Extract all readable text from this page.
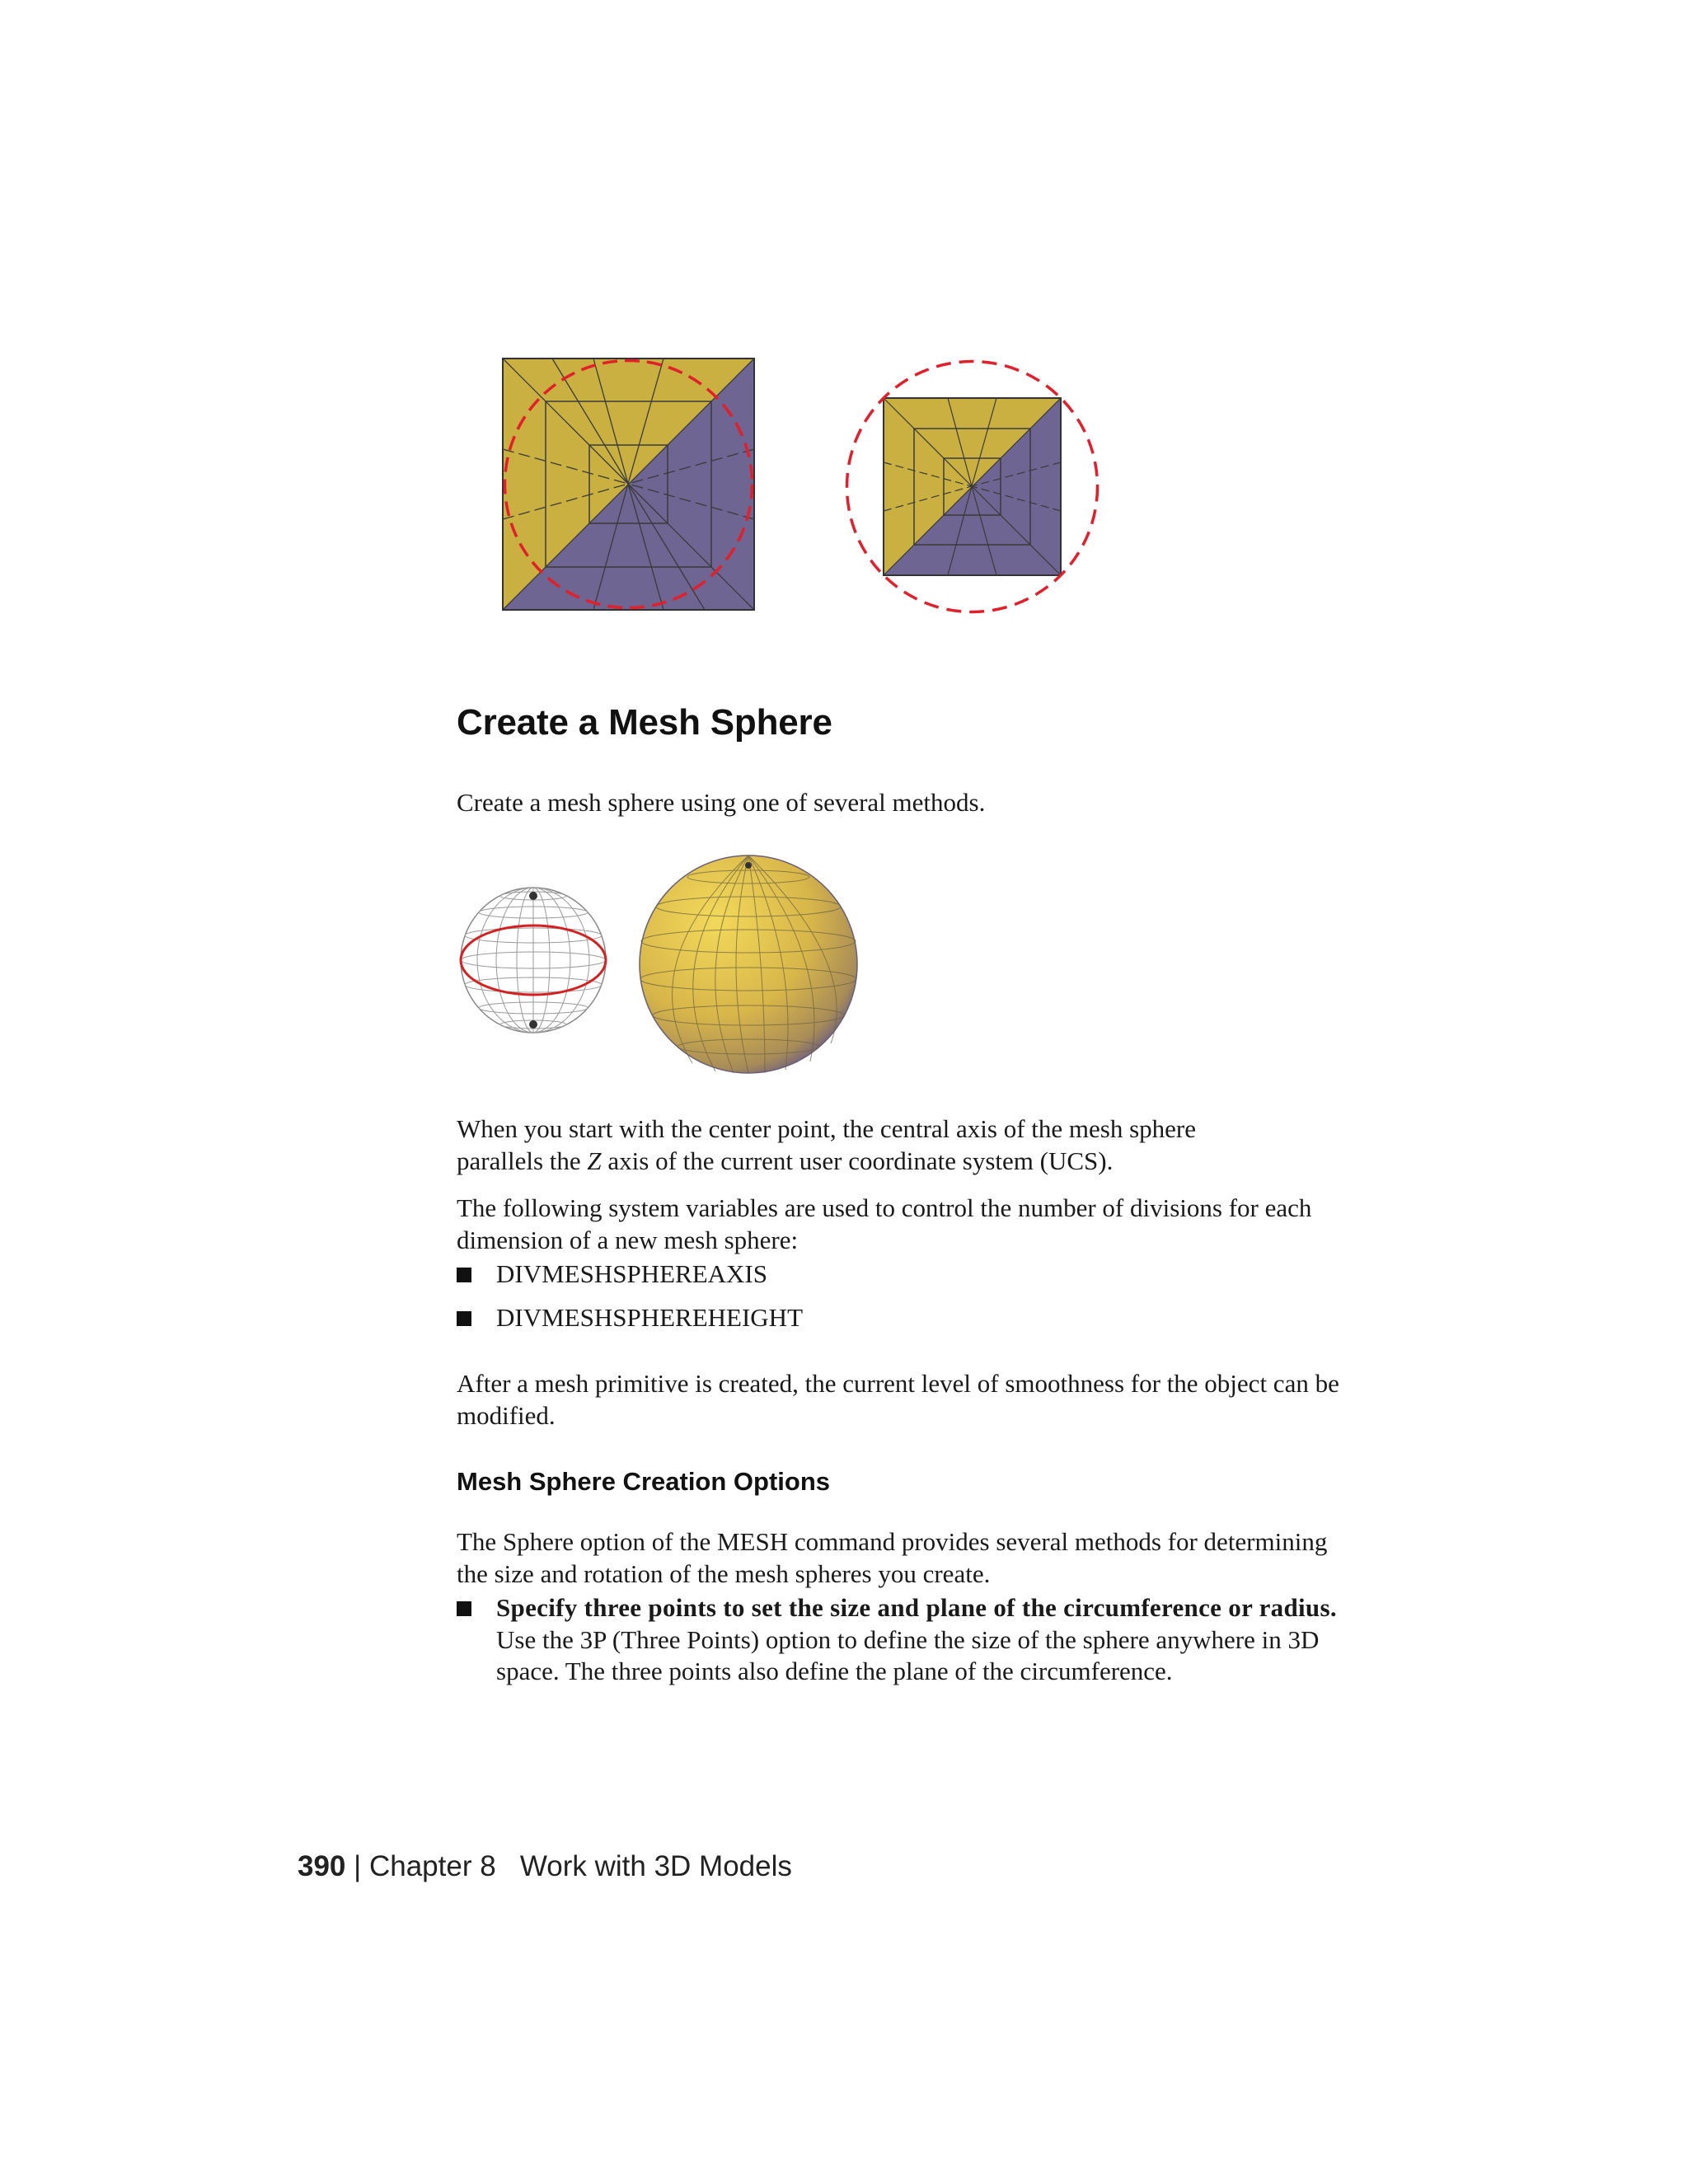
Create a Mesh Sphere
Create a mesh sphere using one of several methods.
When you start with the center point, the central axis of the mesh sphere
parallels the Z axis of the current user coordinate system (UCS).
The following system variables are used to control the number of divisions for each dimension of a new mesh sphere:
DIVMESHSPHEREAXIS
DIVMESHSPHEREHEIGHT
After a mesh primitive is created, the current level of smoothness for the object can be modified.
Mesh Sphere Creation Options
The Sphere option of the MESH command provides several methods for determining the size and rotation of the mesh spheres you create.
Specify three points to set the size and plane of the circumference or radius. Use the 3P (Three Points) option to define the size of the sphere anywhere in 3D space. The three points also define the plane of the circumference.
390 | Chapter 8 Work with 3D Models
